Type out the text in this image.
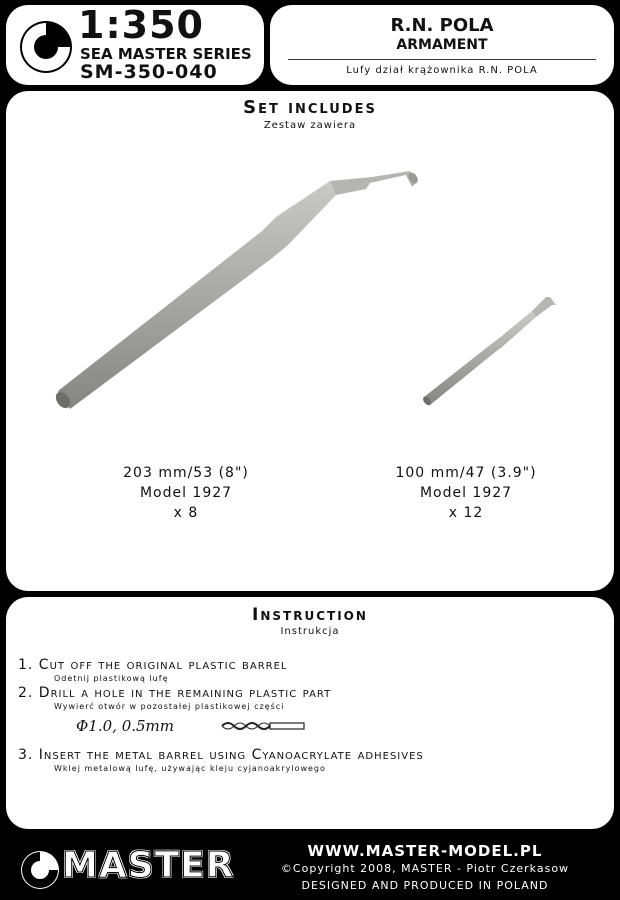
1:350
SEA MASTER SERIES
SM-350-040
R.N. POLA
ARMAMENT
Lufy dział krążownika R.N. POLA
Set includes
Zestaw zawiera
203 mm/53 (8")
Model 1927
x 8
100 mm/47 (3.9")
Model 1927
x 12
Instruction
Instrukcja
1. Cut off the original plastic barrel
Odetnij plastikową lufę
2. Drill a hole in the remaining plastic part
Wywierć otwór w pozostałej plastikowej części
Φ1.0, 0.5mm
3. Insert the metal barrel using Cyanoacrylate adhesives
Wklej metalową lufę, używając kleju cyjanoakrylowego
MASTER	WWW.MASTER-MODEL.PL
©Copyright 2008, MASTER - Piotr Czerkasow
DESIGNED AND PRODUCED IN POLAND
